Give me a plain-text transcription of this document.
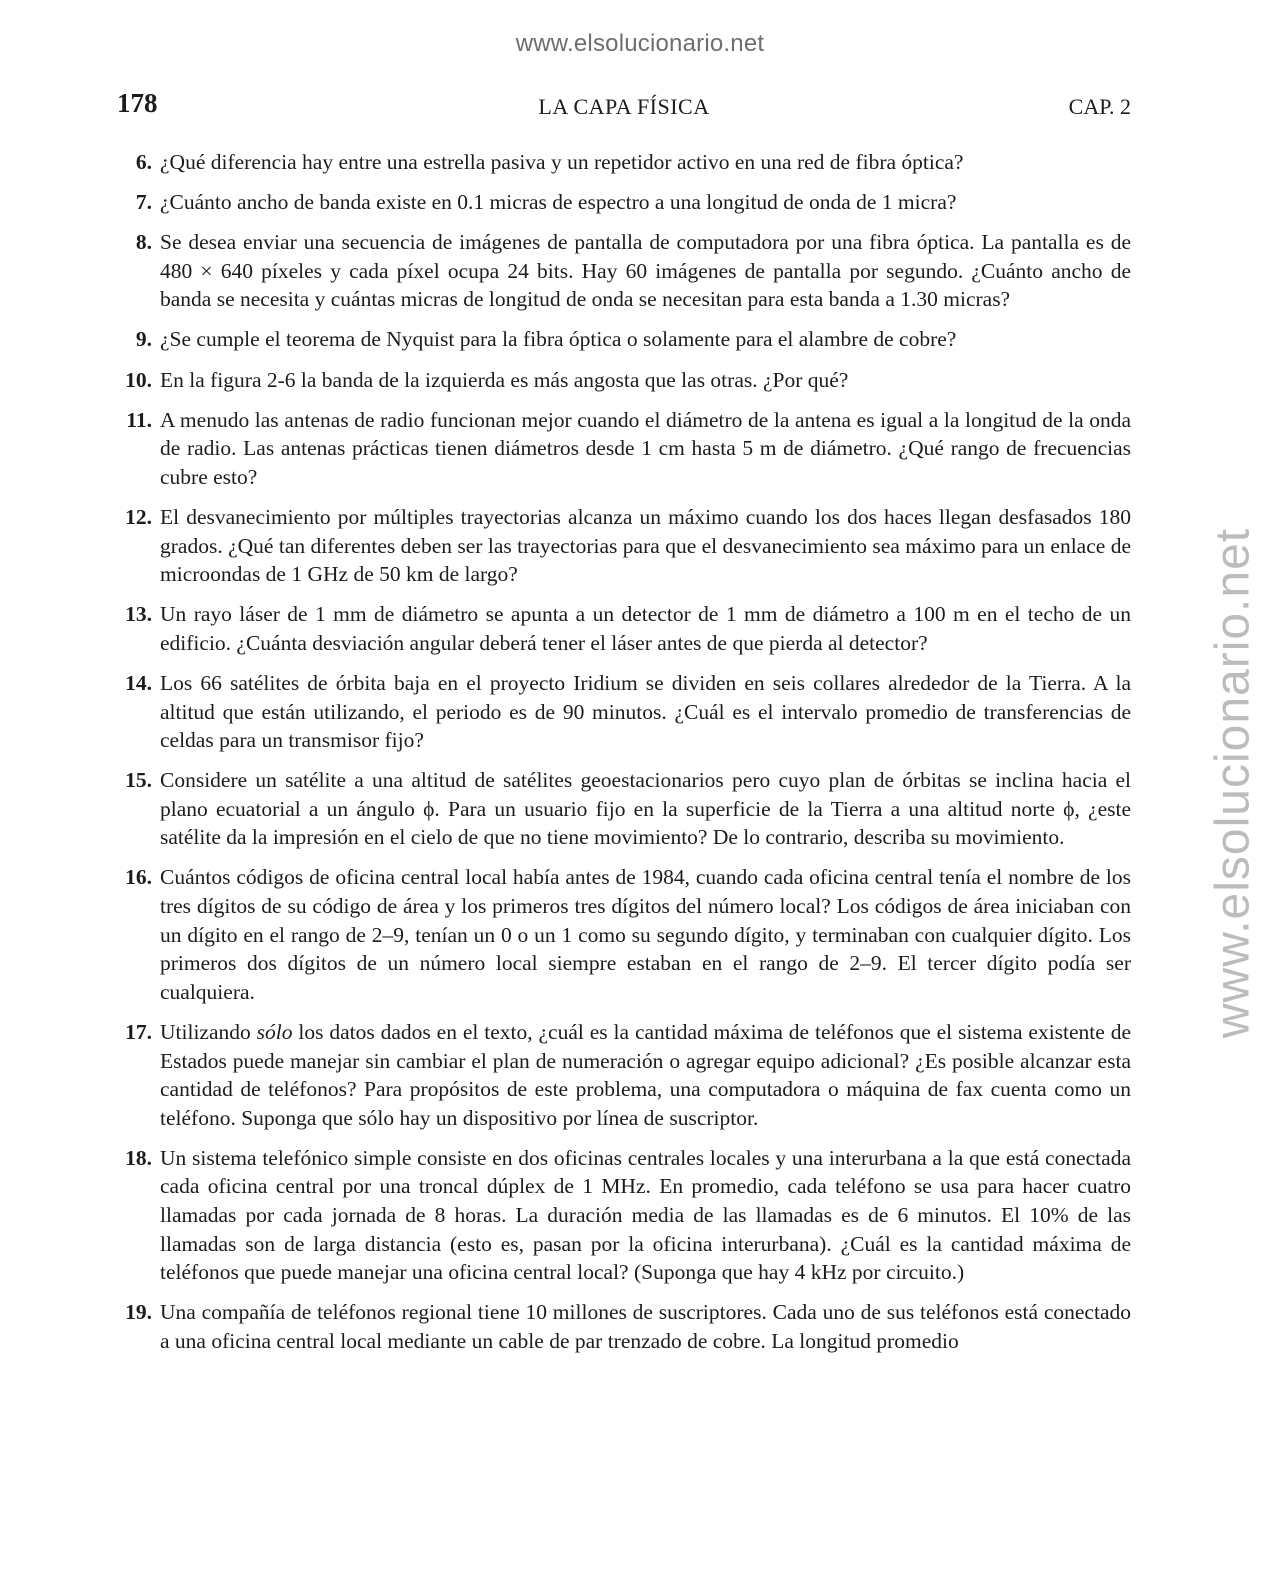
www.elsolucionario.net
www.elsolucionario.net
178	LA CAPA FÍSICA	CAP. 2
6. ¿Qué diferencia hay entre una estrella pasiva y un repetidor activo en una red de fibra óptica?
7. ¿Cuánto ancho de banda existe en 0.1 micras de espectro a una longitud de onda de 1 micra?
8. Se desea enviar una secuencia de imágenes de pantalla de computadora por una fibra óptica. La pantalla es de 480 × 640 píxeles y cada píxel ocupa 24 bits. Hay 60 imágenes de pantalla por segundo. ¿Cuánto ancho de banda se necesita y cuántas micras de longitud de onda se necesitan para esta banda a 1.30 micras?
9. ¿Se cumple el teorema de Nyquist para la fibra óptica o solamente para el alambre de cobre?
10. En la figura 2-6 la banda de la izquierda es más angosta que las otras. ¿Por qué?
11. A menudo las antenas de radio funcionan mejor cuando el diámetro de la antena es igual a la longitud de la onda de radio. Las antenas prácticas tienen diámetros desde 1 cm hasta 5 m de diámetro. ¿Qué rango de frecuencias cubre esto?
12. El desvanecimiento por múltiples trayectorias alcanza un máximo cuando los dos haces llegan desfasados 180 grados. ¿Qué tan diferentes deben ser las trayectorias para que el desvanecimiento sea máximo para un enlace de microondas de 1 GHz de 50 km de largo?
13. Un rayo láser de 1 mm de diámetro se apunta a un detector de 1 mm de diámetro a 100 m en el techo de un edificio. ¿Cuánta desviación angular deberá tener el láser antes de que pierda al detector?
14. Los 66 satélites de órbita baja en el proyecto Iridium se dividen en seis collares alrededor de la Tierra. A la altitud que están utilizando, el periodo es de 90 minutos. ¿Cuál es el intervalo promedio de transferencias de celdas para un transmisor fijo?
15. Considere un satélite a una altitud de satélites geoestacionarios pero cuyo plan de órbitas se inclina hacia el plano ecuatorial a un ángulo ϕ. Para un usuario fijo en la superficie de la Tierra a una altitud norte ϕ, ¿este satélite da la impresión en el cielo de que no tiene movimiento? De lo contrario, describa su movimiento.
16. Cuántos códigos de oficina central local había antes de 1984, cuando cada oficina central tenía el nombre de los tres dígitos de su código de área y los primeros tres dígitos del número local? Los códigos de área iniciaban con un dígito en el rango de 2–9, tenían un 0 o un 1 como su segundo dígito, y terminaban con cualquier dígito. Los primeros dos dígitos de un número local siempre estaban en el rango de 2–9. El tercer dígito podía ser cualquiera.
17. Utilizando sólo los datos dados en el texto, ¿cuál es la cantidad máxima de teléfonos que el sistema existente de Estados puede manejar sin cambiar el plan de numeración o agregar equipo adicional? ¿Es posible alcanzar esta cantidad de teléfonos? Para propósitos de este problema, una computadora o máquina de fax cuenta como un teléfono. Suponga que sólo hay un dispositivo por línea de suscriptor.
18. Un sistema telefónico simple consiste en dos oficinas centrales locales y una interurbana a la que está conectada cada oficina central por una troncal dúplex de 1 MHz. En promedio, cada teléfono se usa para hacer cuatro llamadas por cada jornada de 8 horas. La duración media de las llamadas es de 6 minutos. El 10% de las llamadas son de larga distancia (esto es, pasan por la oficina interurbana). ¿Cuál es la cantidad máxima de teléfonos que puede manejar una oficina central local? (Suponga que hay 4 kHz por circuito.)
19. Una compañía de teléfonos regional tiene 10 millones de suscriptores. Cada uno de sus teléfonos está conectado a una oficina central local mediante un cable de par trenzado de cobre. La longitud promedio
